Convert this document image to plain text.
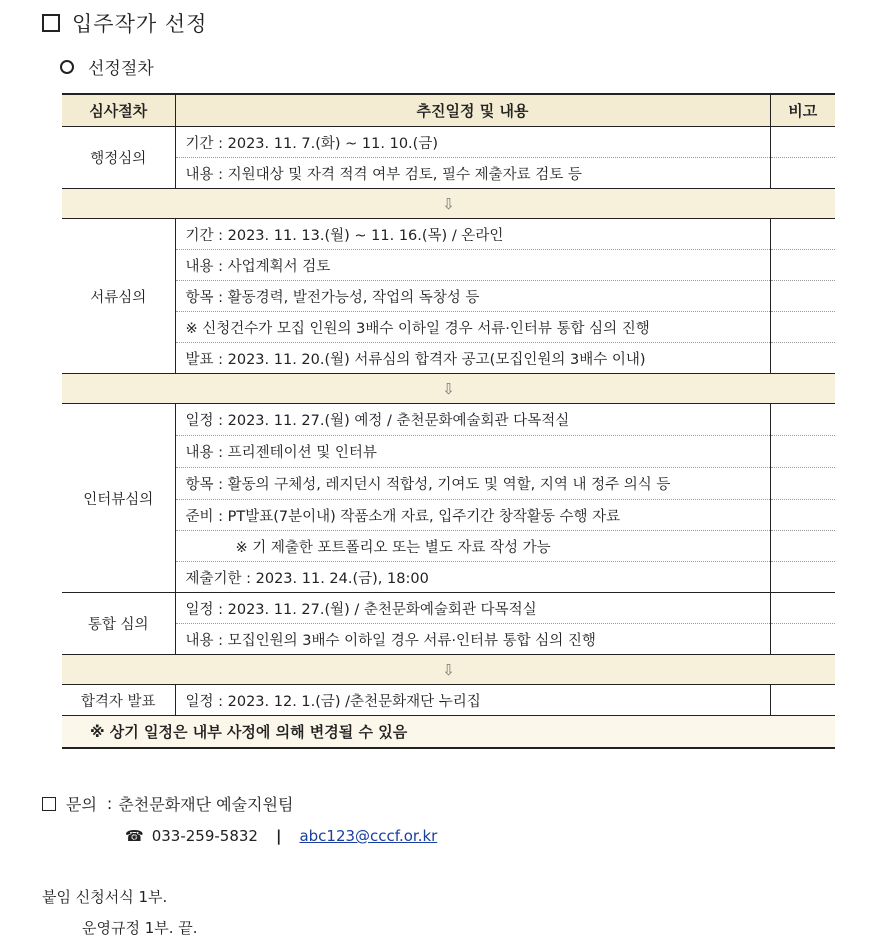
입주작가 선정
선정절차
심사절차	추진일정 및 내용	비고
행정심의	기간 : 2023. 11. 7.(화) ~ 11. 10.(금)	
	내용 : 지원대상 및 자격 적격 여부 검토, 필수 제출자료 검토 등	
⇩		
서류심의	기간 : 2023. 11. 13.(월) ~ 11. 16.(목) / 온라인	
	내용 : 사업계획서 검토	
	항목 : 활동경력, 발전가능성, 작업의 독창성 등	
	※ 신청건수가 모집 인원의 3배수 이하일 경우 서류·인터뷰 통합 심의 진행	
	발표 : 2023. 11. 20.(월) 서류심의 합격자 공고(모집인원의 3배수 이내)	
⇩		
인터뷰심의	일정 : 2023. 11. 27.(월) 예정 / 춘천문화예술회관 다목적실	
	내용 : 프리젠테이션 및 인터뷰	
	항목 : 활동의 구체성, 레지던시 적합성, 기여도 및 역할, 지역 내 정주 의식 등	
	준비 : PT발표(7분이내) 작품소개 자료, 입주기간 창작활동 수행 자료	
	※ 기 제출한 포트폴리오 또는 별도 자료 작성 가능	
	제출기한 : 2023. 11. 24.(금), 18:00	
통합 심의	일정 : 2023. 11. 27.(월) / 춘천문화예술회관 다목적실	
	내용 : 모집인원의 3배수 이하일 경우 서류·인터뷰 통합 심의 진행	
⇩		
합격자 발표	일정 : 2023. 12. 1.(금) /춘천문화재단 누리집	
※ 상기 일정은 내부 사정에 의해 변경될 수 있음		
문의 : 춘천문화재단 예술지원팀
☎ 033-259-5832 | abc123@cccf.or.kr
붙임 신청서식 1부.
운영규정 1부. 끝.
